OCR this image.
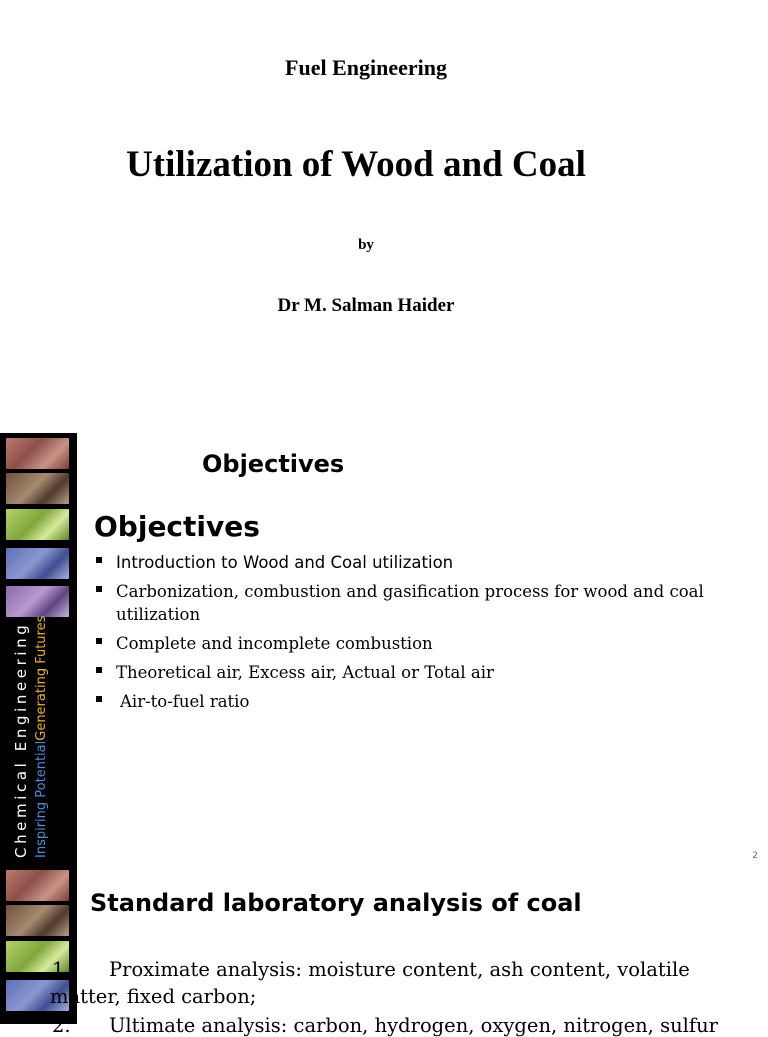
Fuel Engineering
Utilization of Wood and Coal
by
Dr M. Salman Haider
Chemical Engineering Inspiring PotentialGenerating Futures
Objectives
Objectives
Introduction to Wood and Coal utilization
Carbonization, combustion and gasification process for wood and coal utilization
Complete and incomplete combustion
Theoretical air, Excess air, Actual or Total air
Air-to-fuel ratio
2
Standard laboratory analysis of coal
1. Proximate analysis: moisture content, ash content, volatile
matter, fixed carbon;
2. Ultimate analysis: carbon, hydrogen, oxygen, nitrogen, sulfur
